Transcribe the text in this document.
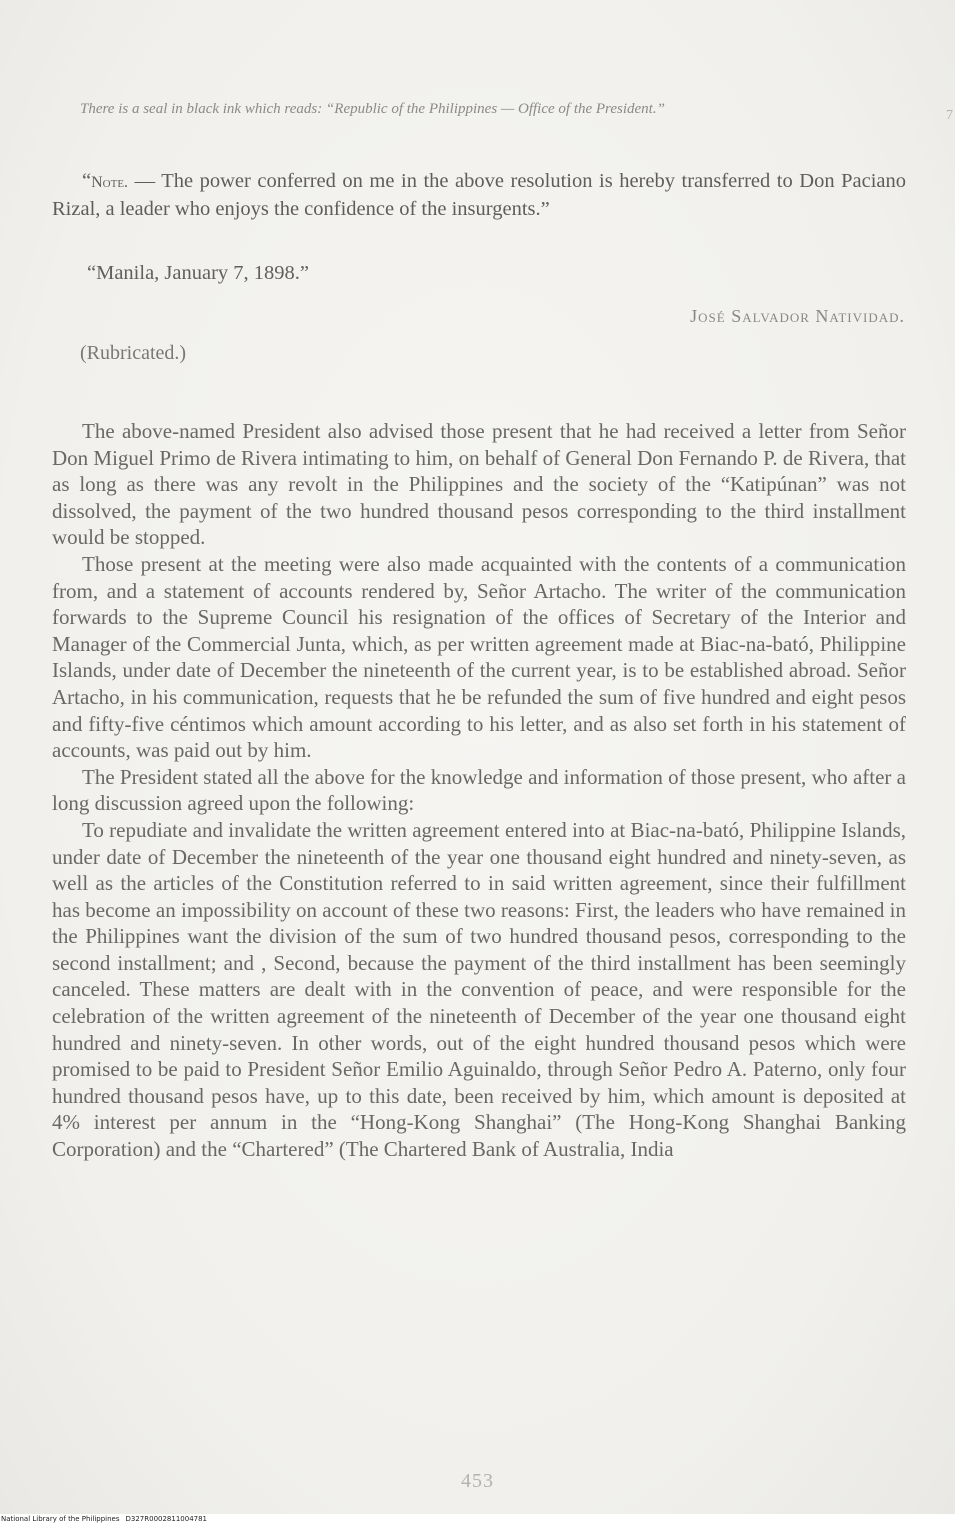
There is a seal in black ink which reads: “Republic of the Philippines — Office of the President.”	7
“Note. — The power conferred on me in the above resolution is hereby transferred to Don Paciano Rizal, a leader who enjoys the confidence of the insurgents.”
“Manila, January 7, 1898.”
José Salvador Natividad.
(Rubricated.)

The above-named President also advised those present that he had received a letter from Señor Don Miguel Primo de Rivera intimating to him, on behalf of General Don Fernando P. de Rivera, that as long as there was any revolt in the Philippines and the society of the “Katipúnan” was not dissolved, the payment of the two hundred thousand pesos corresponding to the third installment would be stopped.

Those present at the meeting were also made acquainted with the contents of a communication from, and a statement of accounts rendered by, Señor Artacho. The writer of the communication forwards to the Supreme Council his resignation of the offices of Secretary of the Interior and Manager of the Commercial Junta, which, as per written agreement made at Biac-na-bató, Philippine Islands, under date of December the nineteenth of the current year, is to be established abroad. Señor Artacho, in his communication, requests that he be refunded the sum of five hundred and eight pesos and fifty-five céntimos which amount according to his letter, and as also set forth in his statement of accounts, was paid out by him.

The President stated all the above for the knowledge and information of those present, who after a long discussion agreed upon the following:

To repudiate and invalidate the written agreement entered into at Biac-na-bató, Philippine Islands, under date of December the nineteenth of the year one thousand eight hundred and ninety-seven, as well as the articles of the Constitution referred to in said written agreement, since their fulfillment has become an impossibility on account of these two reasons: First, the leaders who have remained in the Philippines want the division of the sum of two hundred thousand pesos, corresponding to the second installment; and , Second, because the payment of the third installment has been seemingly canceled. These matters are dealt with in the convention of peace, and were responsible for the celebration of the written agreement of the nineteenth of December of the year one thousand eight hundred and ninety-seven. In other words, out of the eight hundred thousand pesos which were promised to be paid to President Señor Emilio Aguinaldo, through Señor Pedro A. Paterno, only four hundred thousand pesos have, up to this date, been received by him, which amount is deposited at 4% interest per annum in the “Hong-Kong Shanghai” (The Hong-Kong Shanghai Banking Corporation) and the “Chartered” (The Chartered Bank of Australia, India

453
National Library of the Philippines D327R0002811004781
